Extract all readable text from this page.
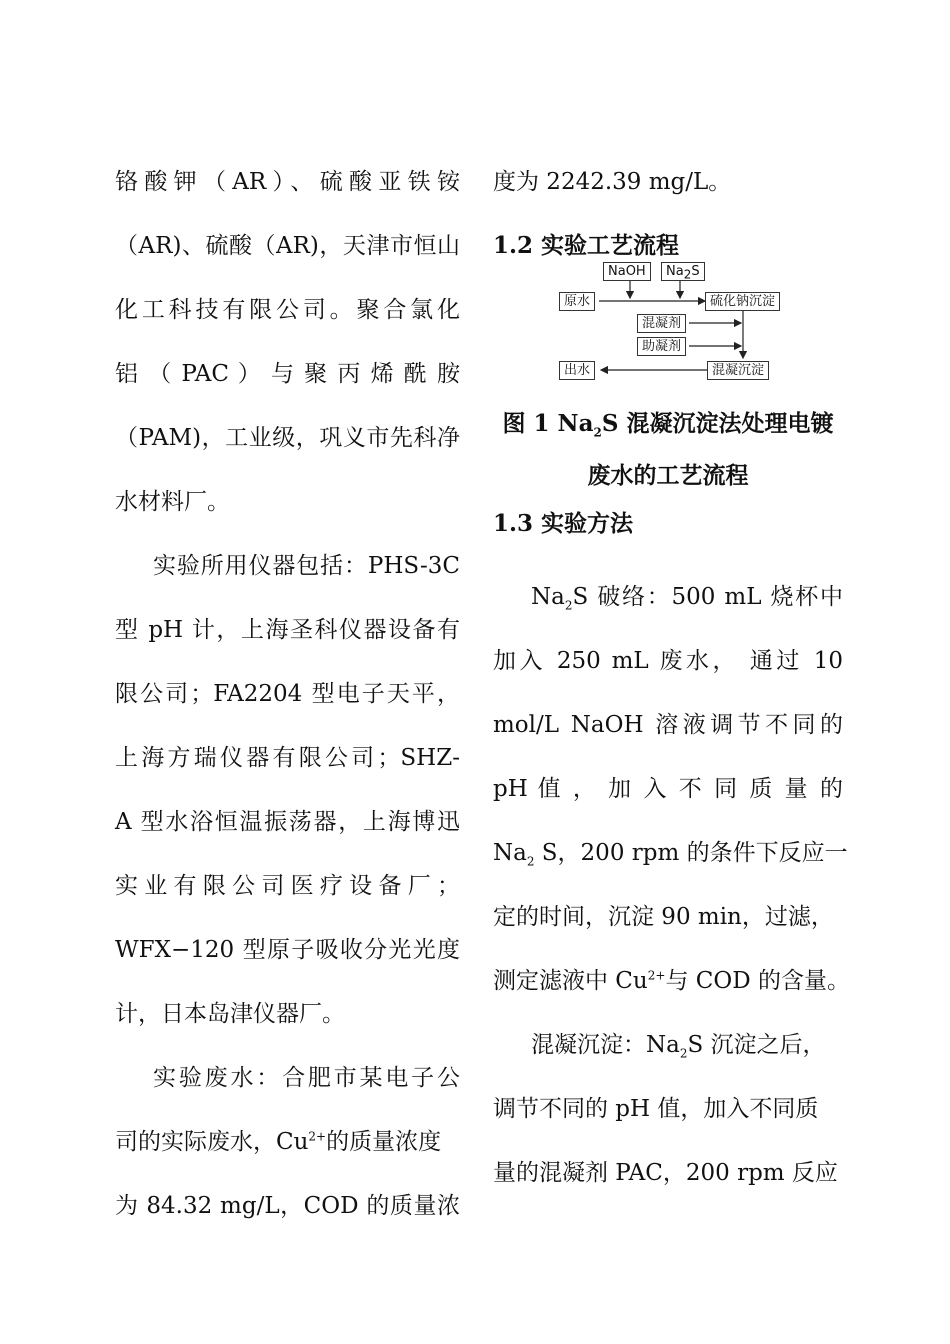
铬酸钾（AR）、硫酸亚铁铵
（AR)、硫酸（AR)，天津市恒山
化工科技有限公司。聚合氯化
铝 （ PAC ） 与 聚 丙 烯 酰 胺
（PAM)，工业级，巩义市先科净
水材料厂。
实验所用仪器包括：PHS-3C
型 pH 计，上海圣科仪器设备有
限公司；FA2204 型电子天平，
上海方瑞仪器有限公司；SHZ-
A 型水浴恒温振荡器，上海博迅
实业有限公司医疗设备厂；
WFX−120 型原子吸收分光光度
计，日本岛津仪器厂。
实验废水：合肥市某电子公
司的实际废水，$Cu^{2+}$的质量浓度
为 84.32 mg/L，COD 的质量浓
度为 2242.39 mg/L。
1.2 实验工艺流程
NaOH	$Na_2S$
原水	硫化钠沉淀
混凝剂
助凝剂
出水	混凝沉淀
图 1 $Na_2S$ 混凝沉淀法处理电镀
废水的工艺流程
1.3 实验方法
$Na_2S$ 破络：500 mL 烧杯中
加入 250 mL 废水， 通过 10
mol/L NaOH 溶液调节不同的
pH 值 ， 加 入 不 同 质 量 的
$Na_2$ S，200 rpm 的条件下反应一
定的时间，沉淀 90 min，过滤，
测定滤液中 $Cu^{2+}$与 COD 的含量。
混凝沉淀：$Na_2S$ 沉淀之后，
调节不同的 pH 值，加入不同质
量的混凝剂 PAC，200 rpm 反应
